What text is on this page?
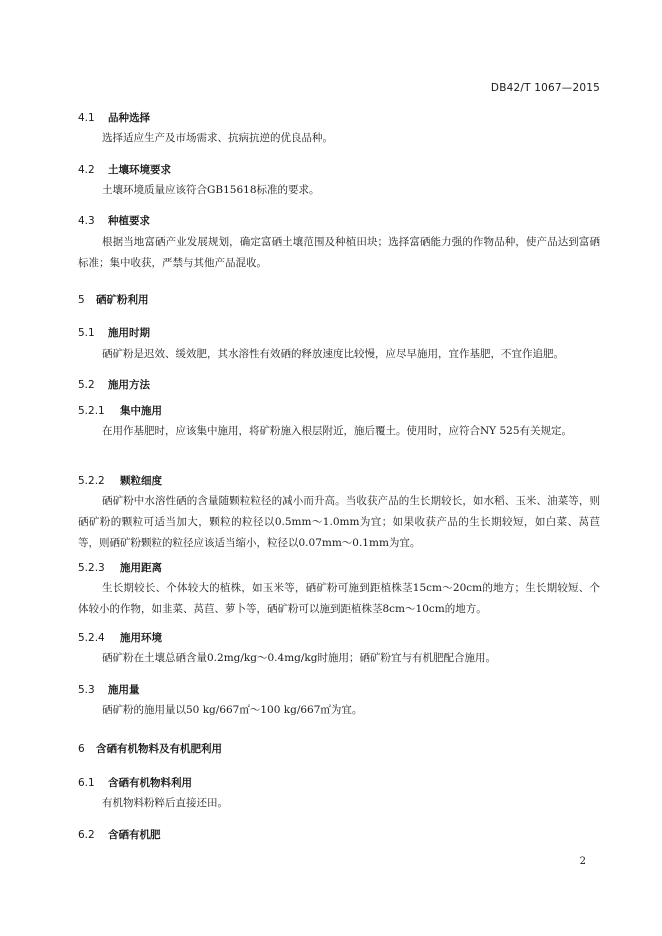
DB42/T 1067—2015
4.1 品种选择
选择适应生产及市场需求、抗病抗逆的优良品种。
4.2 土壤环境要求
土壤环境质量应该符合GB15618标准的要求。
4.3 种植要求
根据当地富硒产业发展规划，确定富硒土壤范围及种植田块；选择富硒能力强的作物品种，使产品达到富硒标准；集中收获，严禁与其他产品混收。
5 硒矿粉利用
5.1 施用时期
硒矿粉是迟效、缓效肥，其水溶性有效硒的释放速度比较慢，应尽早施用，宜作基肥，不宜作追肥。
5.2 施用方法
5.2.1 集中施用
在用作基肥时，应该集中施用，将矿粉施入根层附近，施后覆土。使用时，应符合NY 525有关规定。
5.2.2 颗粒细度
硒矿粉中水溶性硒的含量随颗粒粒径的减小而升高。当收获产品的生长期较长，如水稻、玉米、油菜等，则硒矿粉的颗粒可适当加大，颗粒的粒径以0.5mm～1.0mm为宜；如果收获产品的生长期较短，如白菜、莴苣等，则硒矿粉颗粒的粒径应该适当缩小，粒径以0.07mm～0.1mm为宜。
5.2.3 施用距离
生长期较长、个体较大的植株，如玉米等，硒矿粉可施到距植株茎15cm～20cm的地方；生长期较短、个体较小的作物，如韭菜、莴苣、萝卜等，硒矿粉可以施到距植株茎8cm～10cm的地方。
5.2.4 施用环境
硒矿粉在土壤总硒含量0.2mg/kg～0.4mg/kg时施用；硒矿粉宜与有机肥配合施用。
5.3 施用量
硒矿粉的施用量以50 kg/667㎡～100 kg/667㎡为宜。
6 含硒有机物料及有机肥利用
6.1 含硒有机物料利用
有机物料粉粹后直接还田。
6.2 含硒有机肥
2
